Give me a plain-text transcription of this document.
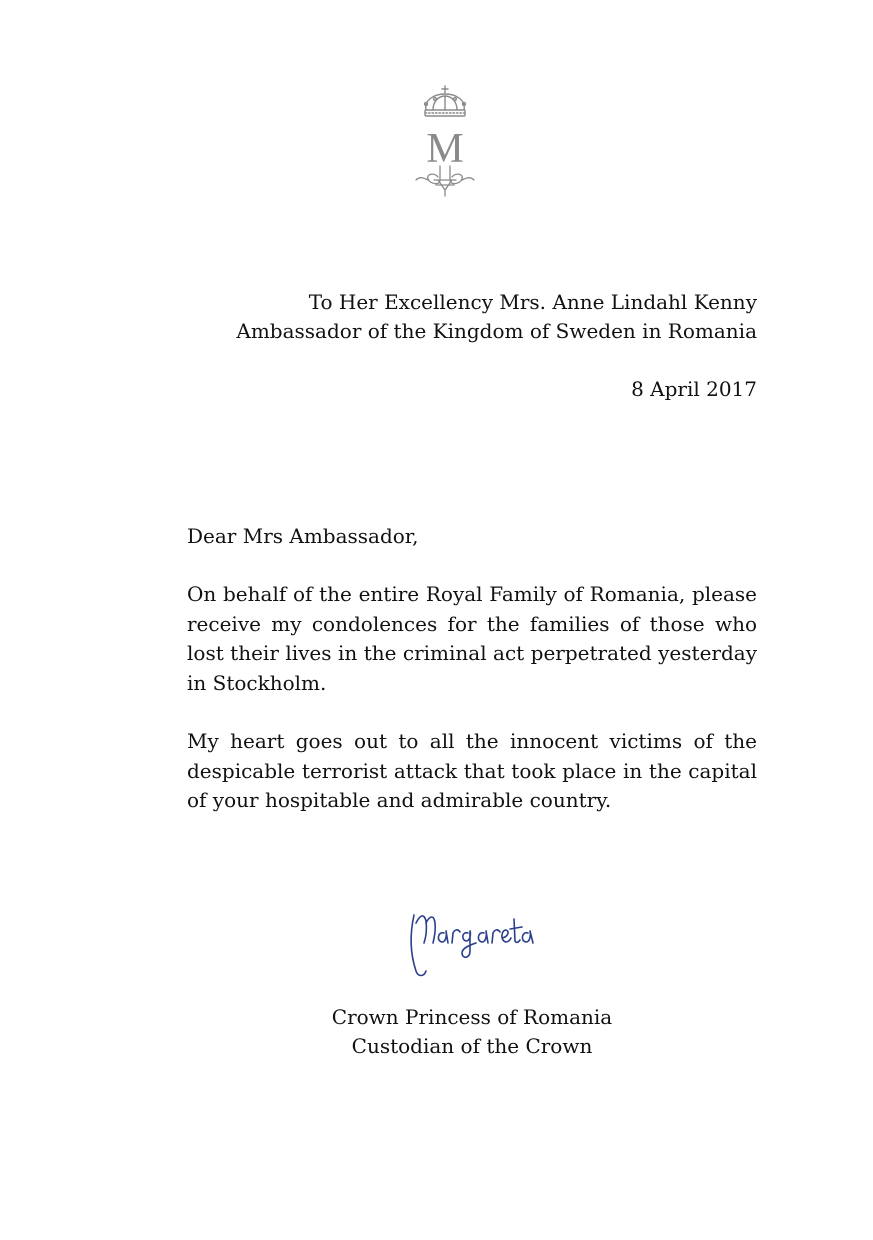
M
To Her Excellency Mrs. Anne Lindahl Kenny
Ambassador of the Kingdom of Sweden in Romania
8 April 2017
Dear Mrs Ambassador,
On behalf of the entire Royal Family of Romania, please receive my condolences for the families of those who lost their lives in the criminal act perpetrated yesterday in Stockholm.
My heart goes out to all the innocent victims of the despicable terrorist attack that took place in the capital of your hospitable and admirable country.
Crown Princess of Romania
Custodian of the Crown
